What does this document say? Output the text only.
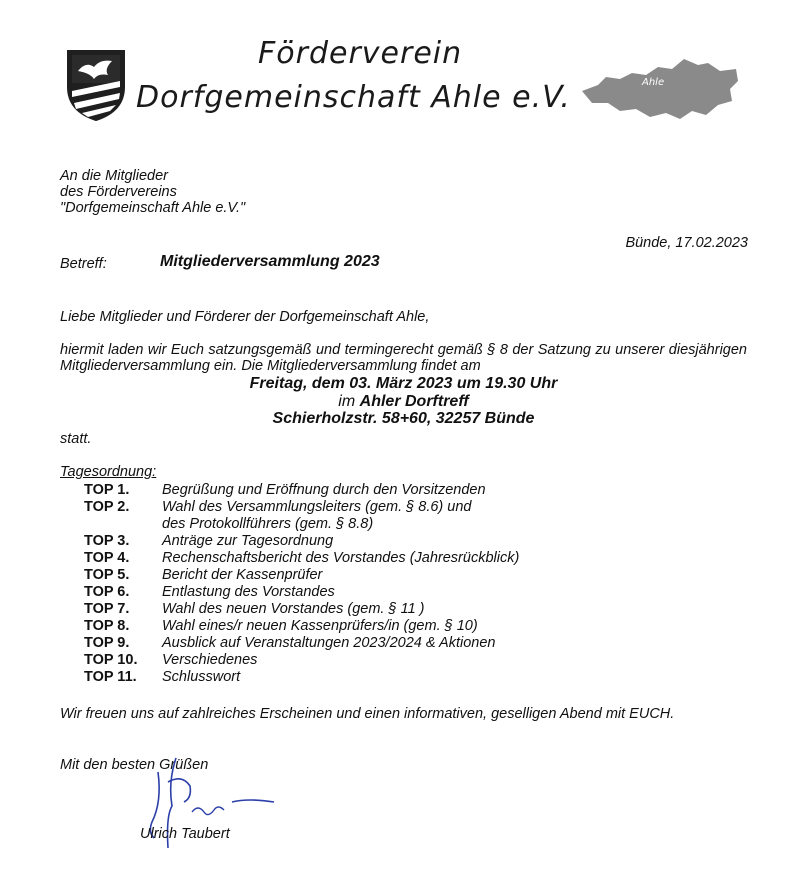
Förderverein
Dorfgemeinschaft Ahle e.V.	Ahle
An die Mitglieder
des Fördervereins
"Dorfgemeinschaft Ahle e.V."
Bünde, 17.02.2023
Betreff:	Mitgliederversammlung 2023
Liebe Mitglieder und Förderer der Dorfgemeinschaft Ahle,
hiermit laden wir Euch satzungsgemäß und termingerecht gemäß § 8 der Satzung zu unserer diesjährigen Mitgliederversammlung ein. Die Mitgliederversammlung findet am
Freitag, dem 03. März 2023 um 19.30 Uhr
im Ahler Dorftreff
Schierholzstr. 58+60, 32257 Bünde
statt.
Tagesordnung:
TOP 1.	Begrüßung und Eröffnung durch den Vorsitzenden
TOP 2.	Wahl des Versammlungsleiters (gem. § 8.6) und
des Protokollführers (gem. § 8.8)
TOP 3.	Anträge zur Tagesordnung
TOP 4.	Rechenschaftsbericht des Vorstandes (Jahresrückblick)
TOP 5.	Bericht der Kassenprüfer
TOP 6.	Entlastung des Vorstandes
TOP 7.	Wahl des neuen Vorstandes (gem. § 11 )
TOP 8.	Wahl eines/r neuen Kassenprüfers/in (gem. § 10)
TOP 9.	Ausblick auf Veranstaltungen 2023/2024 & Aktionen
TOP 10.	Verschiedenes
TOP 11.	Schlusswort
Wir freuen uns auf zahlreiches Erscheinen und einen informativen, geselligen Abend mit EUCH.
Mit den besten Grüßen
Ulrich Taubert
